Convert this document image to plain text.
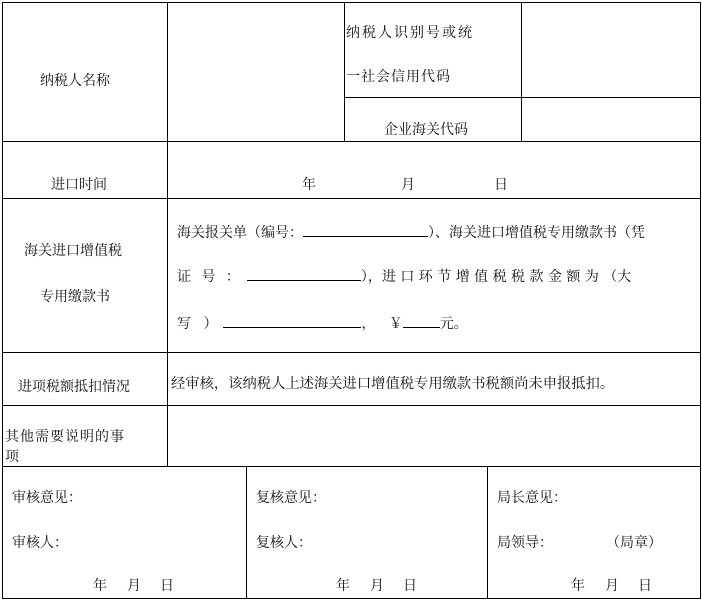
纳税人名称
纳税人识别号或统
一社会信用代码
企业海关代码
进口时间	年	月	日
海关进口增值税
专用缴款书
海关报关单（编号：	）、海关进口增值税专用缴款书（凭
证 号 ：	），进 口 环 节 增 值 税 税 款 金 额 为 （大
写 ）	，   ￥	元。
进项税额抵扣情况	经审核，该纳税人上述海关进口增值税专用缴款书税额尚未申报抵扣。
其他需要说明的事
项
审核意见：
审核人：
年 月 日
复核意见：
复核人：
年 月 日
局长意见：
局领导：	（局章）
年 月 日
